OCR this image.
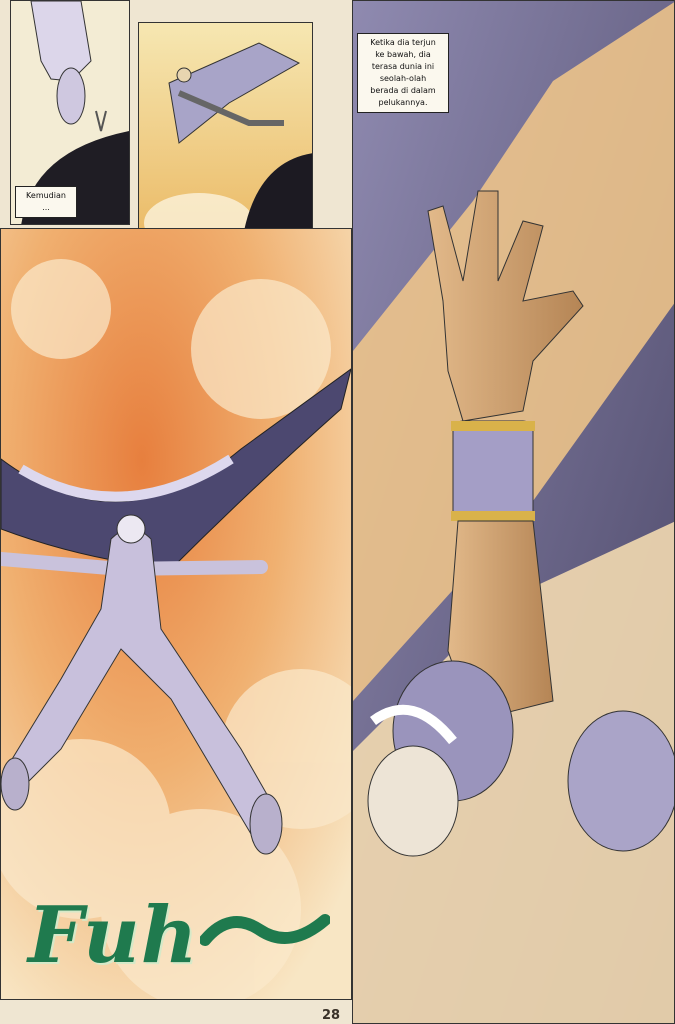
Kemudian
...
Ketika dia terjun
ke bawah, dia
terasa dunia ini
seolah-olah
berada di dalam
pelukannya.
Fuh
28
